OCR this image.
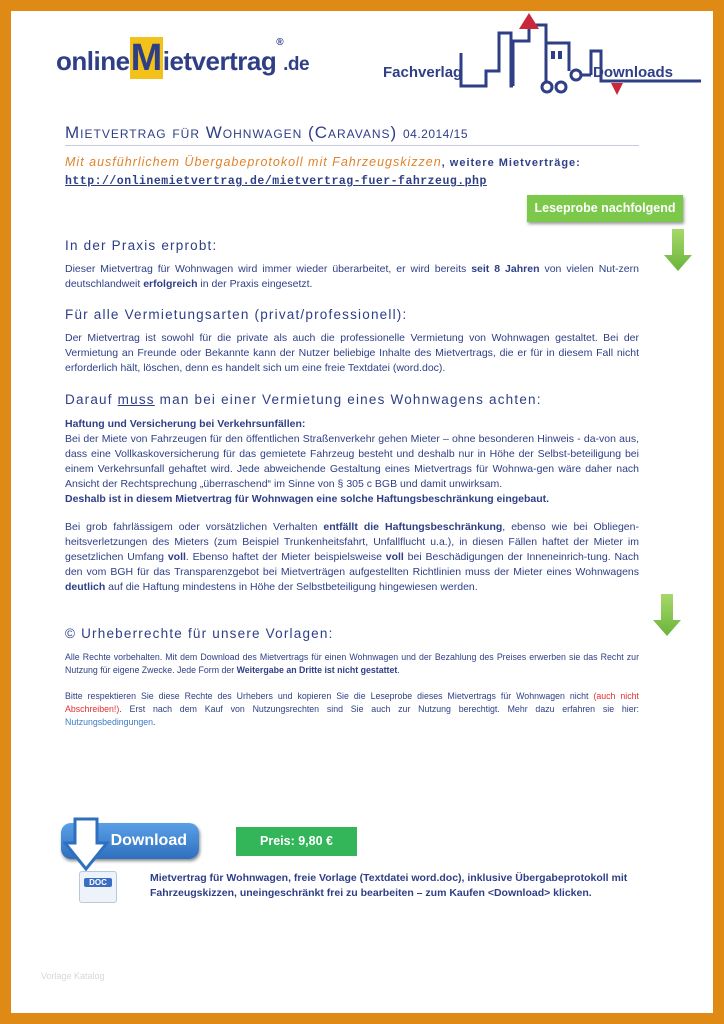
onlineMietvertrag®.de	Fachverlag	Downloads
Mietvertrag für Wohnwagen (Caravans) 04.2014/15
Mit ausführlichem Übergabeprotokoll mit Fahrzeugskizzen, weitere Mietverträge:
http://onlinemietvertrag.de/mietvertrag-fuer-fahrzeug.php
Leseprobe nachfolgend
In der Praxis erprobt:
Dieser Mietvertrag für Wohnwagen wird immer wieder überarbeitet, er wird bereits seit 8 Jahren von vielen Nut-zern deutschlandweit erfolgreich in der Praxis eingesetzt.
Für alle Vermietungsarten (privat/professionell):
Der Mietvertrag ist sowohl für die private als auch die professionelle Vermietung von Wohnwagen gestaltet. Bei der Vermietung an Freunde oder Bekannte kann der Nutzer beliebige Inhalte des Mietvertrags, die er für in diesem Fall nicht erforderlich hält, löschen, denn es handelt sich um eine freie Textdatei (word.doc).
Darauf muss man bei einer Vermietung eines Wohnwagens achten:
Haftung und Versicherung bei Verkehrsunfällen:
Bei der Miete von Fahrzeugen für den öffentlichen Straßenverkehr gehen Mieter – ohne besonderen Hinweis - da-von aus, dass eine Vollkaskoversicherung für das gemietete Fahrzeug besteht und deshalb nur in Höhe der Selbst-beteiligung bei einem Verkehrsunfall gehaftet wird. Jede abweichende Gestaltung eines Mietvertrags für Wohnwa-gen wäre daher nach Ansicht der Rechtsprechung „überraschend“ im Sinne von § 305 c BGB und damit unwirksam.
Deshalb ist in diesem Mietvertrag für Wohnwagen eine solche Haftungsbeschränkung eingebaut.
Bei grob fahrlässigem oder vorsätzlichen Verhalten entfällt die Haftungsbeschränkung, ebenso wie bei Obliegen-heitsverletzungen des Mieters (zum Beispiel Trunkenheitsfahrt, Unfallflucht u.a.), in diesen Fällen haftet der Mieter im gesetzlichen Umfang voll. Ebenso haftet der Mieter beispielsweise voll bei Beschädigungen der Inneneinrich-tung. Nach den vom BGH für das Transparenzgebot bei Mietverträgen aufgestellten Richtlinien muss der Mieter eines Wohnwagens deutlich auf die Haftung mindestens in Höhe der Selbstbeteiligung hingewiesen werden.
© Urheberrechte für unsere Vorlagen:
Alle Rechte vorbehalten. Mit dem Download des Mietvertrags für einen Wohnwagen und der Bezahlung des Preises erwerben sie das Recht zur Nutzung für eigene Zwecke. Jede Form der Weitergabe an Dritte ist nicht gestattet.
Bitte respektieren Sie diese Rechte des Urhebers und kopieren Sie die Leseprobe dieses Mietvertrags für Wohnwagen nicht (auch nicht Abschreiben!). Erst nach dem Kauf von Nutzungsrechten sind Sie auch zur Nutzung berechtigt. Mehr dazu erfahren sie hier: Nutzungsbedingungen.
Download
DOC
Preis: 9,80 €
Mietvertrag für Wohnwagen, freie Vorlage (Textdatei word.doc), inklusive Übergabeprotokoll mit Fahrzeugskizzen, uneingeschränkt frei zu bearbeiten – zum Kaufen <Download> klicken.
Vorlage Katalog
